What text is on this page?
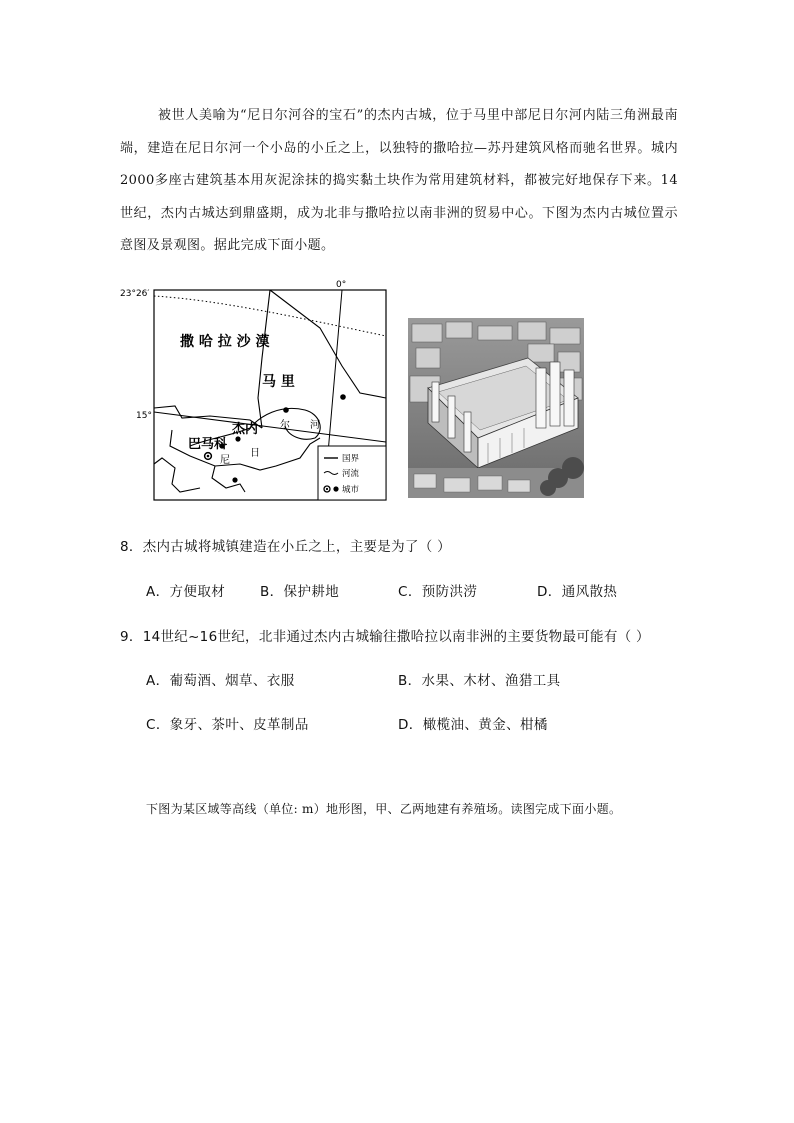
被世人美喻为“尼日尔河谷的宝石”的杰内古城，位于马里中部尼日尔河内陆三角洲最南端，建造在尼日尔河一个小岛的小丘之上，以独特的撒哈拉—苏丹建筑风格而驰名世界。城内2000多座古建筑基本用灰泥涂抹的捣实黏土块作为常用建筑材料，都被完好地保存下来。14世纪，杰内古城达到鼎盛期，成为北非与撒哈拉以南非洲的贸易中心。下图为杰内古城位置示意图及景观图。据此完成下面小题。
23°26′
15°
0°
撒 哈 拉 沙 漠
马 里
杰内
巴马科
尼
日
尔 河
国界
河流
城市
8．杰内古城将城镇建造在小丘之上，主要是为了（ ）
A．方便取材	B．保护耕地	C．预防洪涝	D．通风散热
9．14世纪~16世纪，北非通过杰内古城输往撒哈拉以南非洲的主要货物最可能有（ ）
A．葡萄酒、烟草、衣服	B．水果、木材、渔猎工具
C．象牙、茶叶、皮革制品	D．橄榄油、黄金、柑橘
下图为某区域等高线（单位: m）地形图，甲、乙两地建有养殖场。读图完成下面小题。
